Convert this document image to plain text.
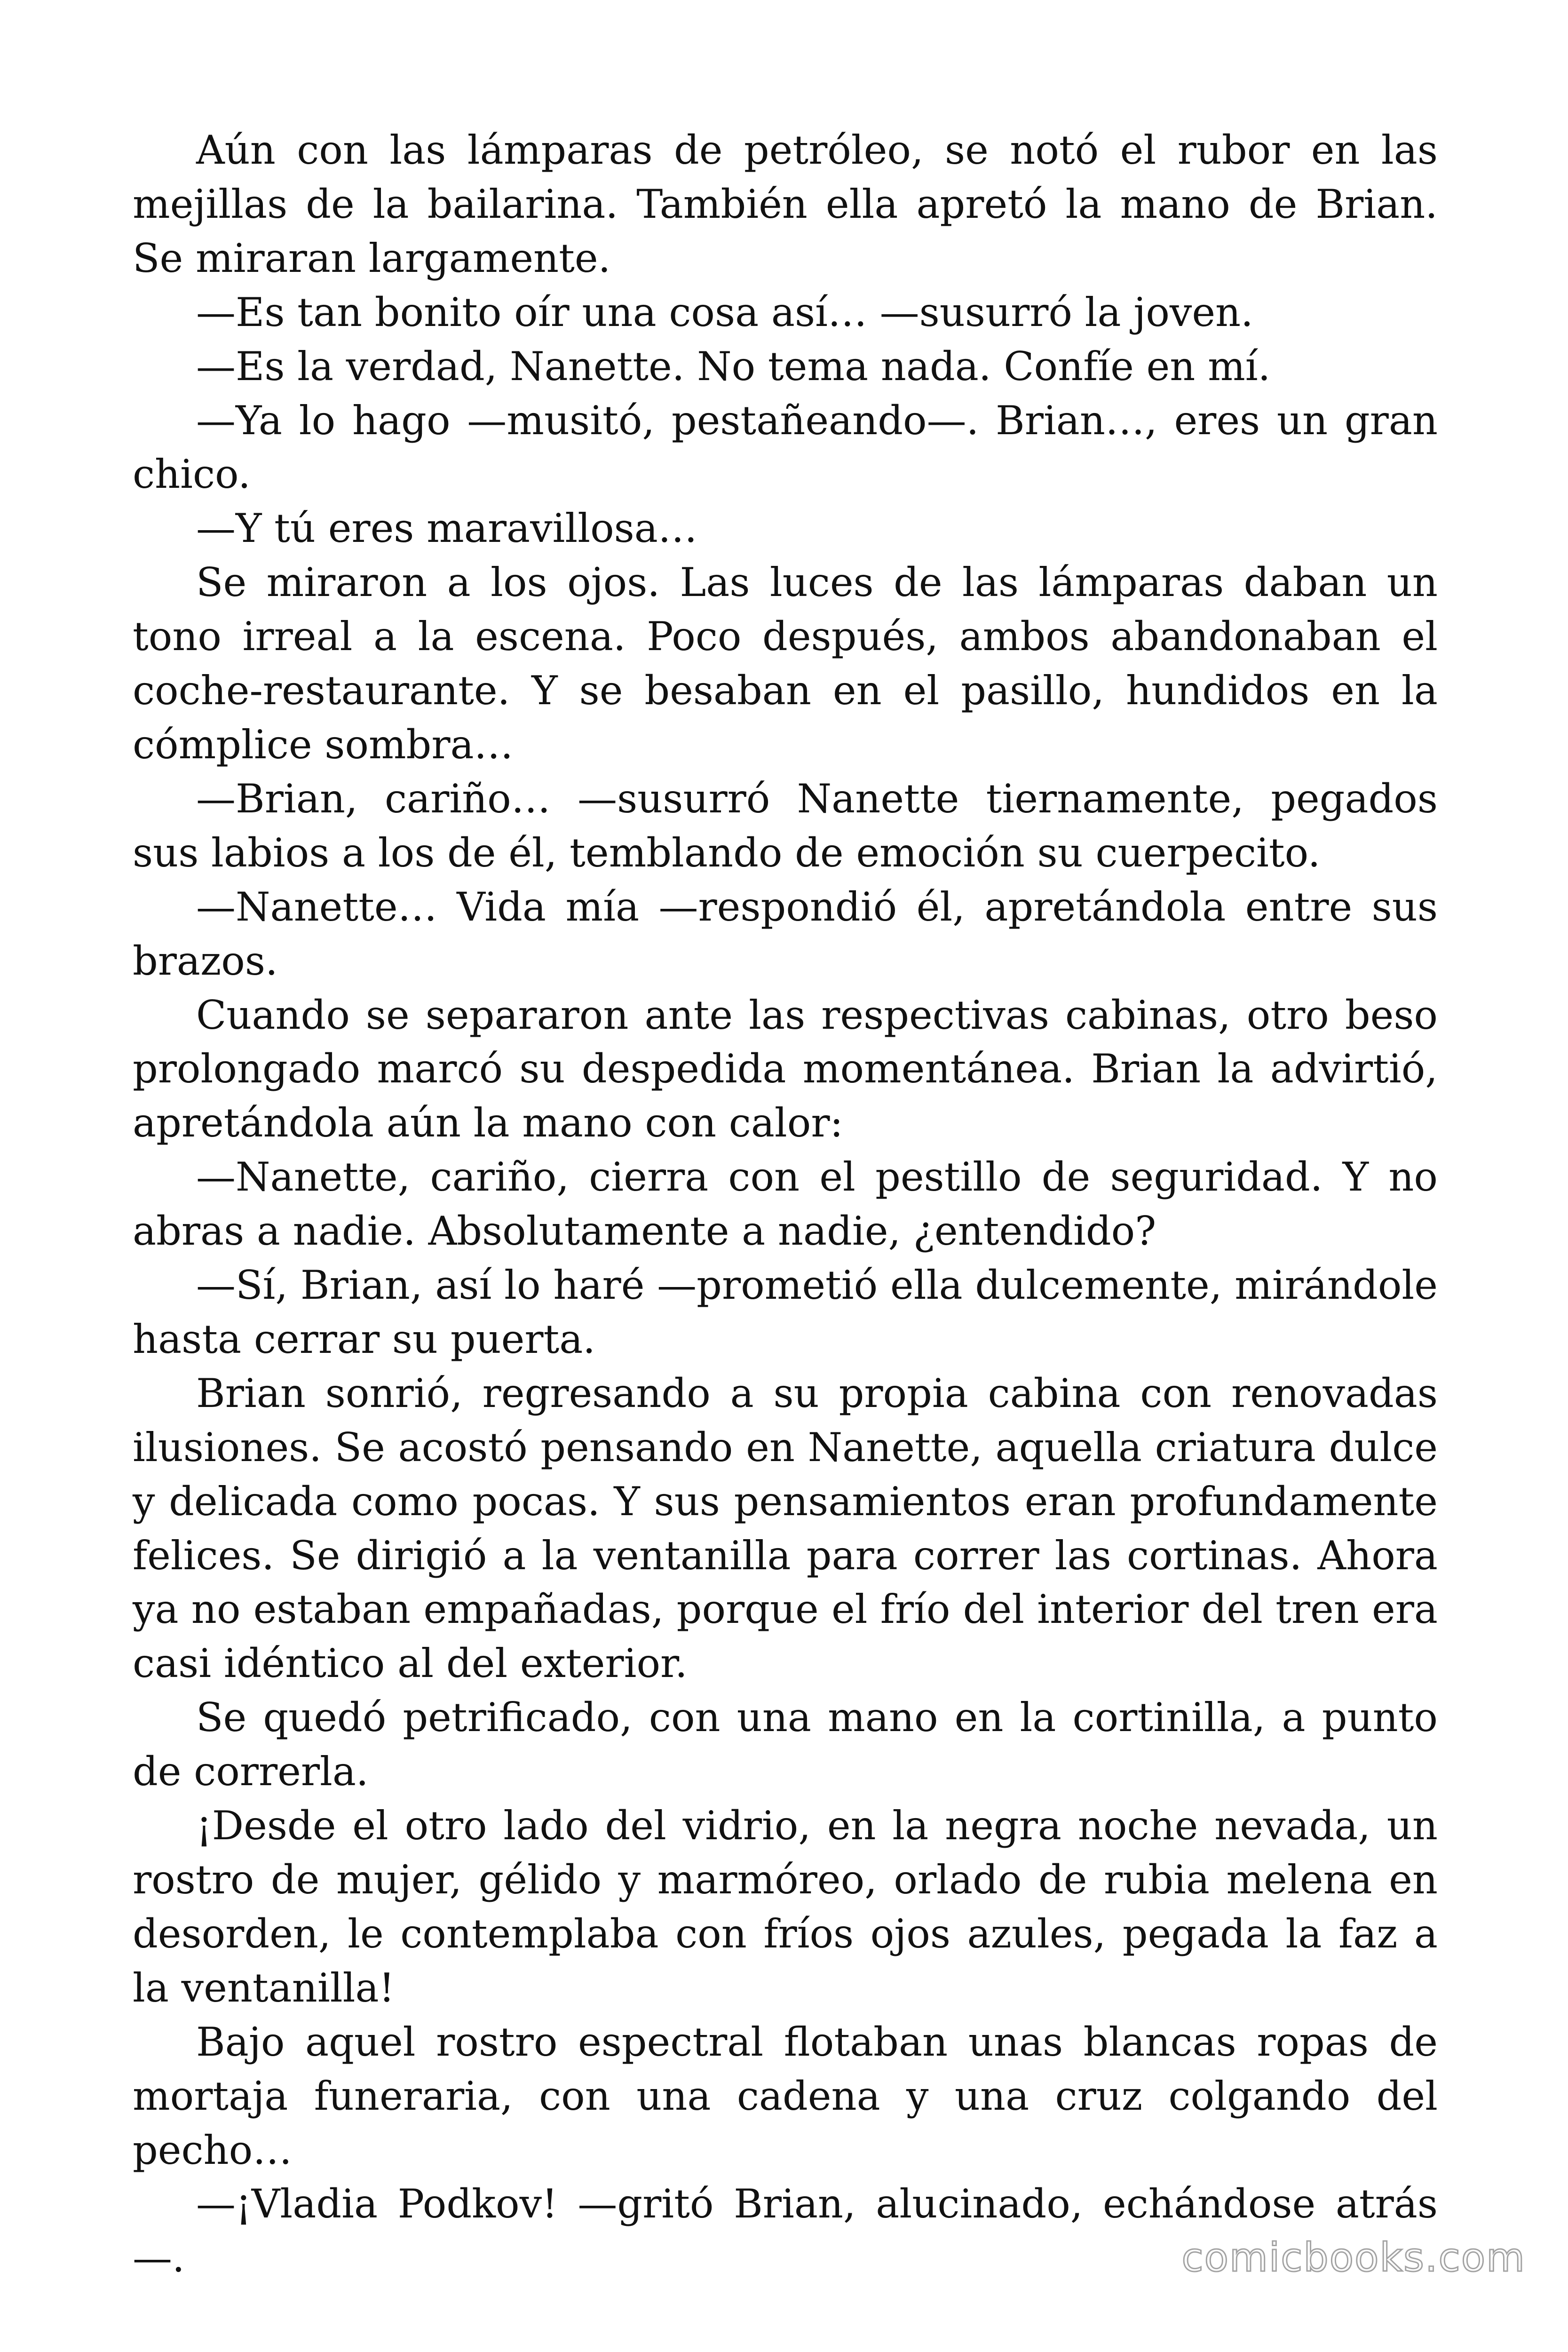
Aún con las lámparas de petróleo, se notó el rubor en las mejillas de la bailarina. También ella apretó la mano de Brian. Se miraran largamente.

—Es tan bonito oír una cosa así… —susurró la joven.

—Es la verdad, Nanette. No tema nada. Confíe en mí.

—Ya lo hago —musitó, pestañeando—. Brian…, eres un gran chico.

—Y tú eres maravillosa…

Se miraron a los ojos. Las luces de las lámparas daban un tono irreal a la escena. Poco después, ambos abandonaban el coche-restaurante. Y se besaban en el pasillo, hundidos en la cómplice sombra…

—Brian, cariño… —susurró Nanette tiernamente, pegados sus labios a los de él, temblando de emoción su cuerpecito.

—Nanette… Vida mía —respondió él, apretándola entre sus brazos.

Cuando se separaron ante las respectivas cabinas, otro beso prolongado marcó su despedida momentánea. Brian la advirtió, apretándola aún la mano con calor:

—Nanette, cariño, cierra con el pestillo de seguridad. Y no abras a nadie. Absolutamente a nadie, ¿entendido?

—Sí, Brian, así lo haré —prometió ella dulcemente, mirándole hasta cerrar su puerta.

Brian sonrió, regresando a su propia cabina con renovadas ilusiones. Se acostó pensando en Nanette, aquella criatura dulce y delicada como pocas. Y sus pensamientos eran profundamente felices. Se dirigió a la ventanilla para correr las cortinas. Ahora ya no estaban empañadas, porque el frío del interior del tren era casi idéntico al del exterior.

Se quedó petrificado, con una mano en la cortinilla, a punto de correrla.

¡Desde el otro lado del vidrio, en la negra noche nevada, un rostro de mujer, gélido y marmóreo, orlado de rubia melena en desorden, le contemplaba con fríos ojos azules, pegada la faz a la ventanilla!

Bajo aquel rostro espectral flotaban unas blancas ropas de mortaja funeraria, con una cadena y una cruz colgando del pecho…

—¡Vladia Podkov! —gritó Brian, alucinado, echándose atrás—.	comicbooks.com
